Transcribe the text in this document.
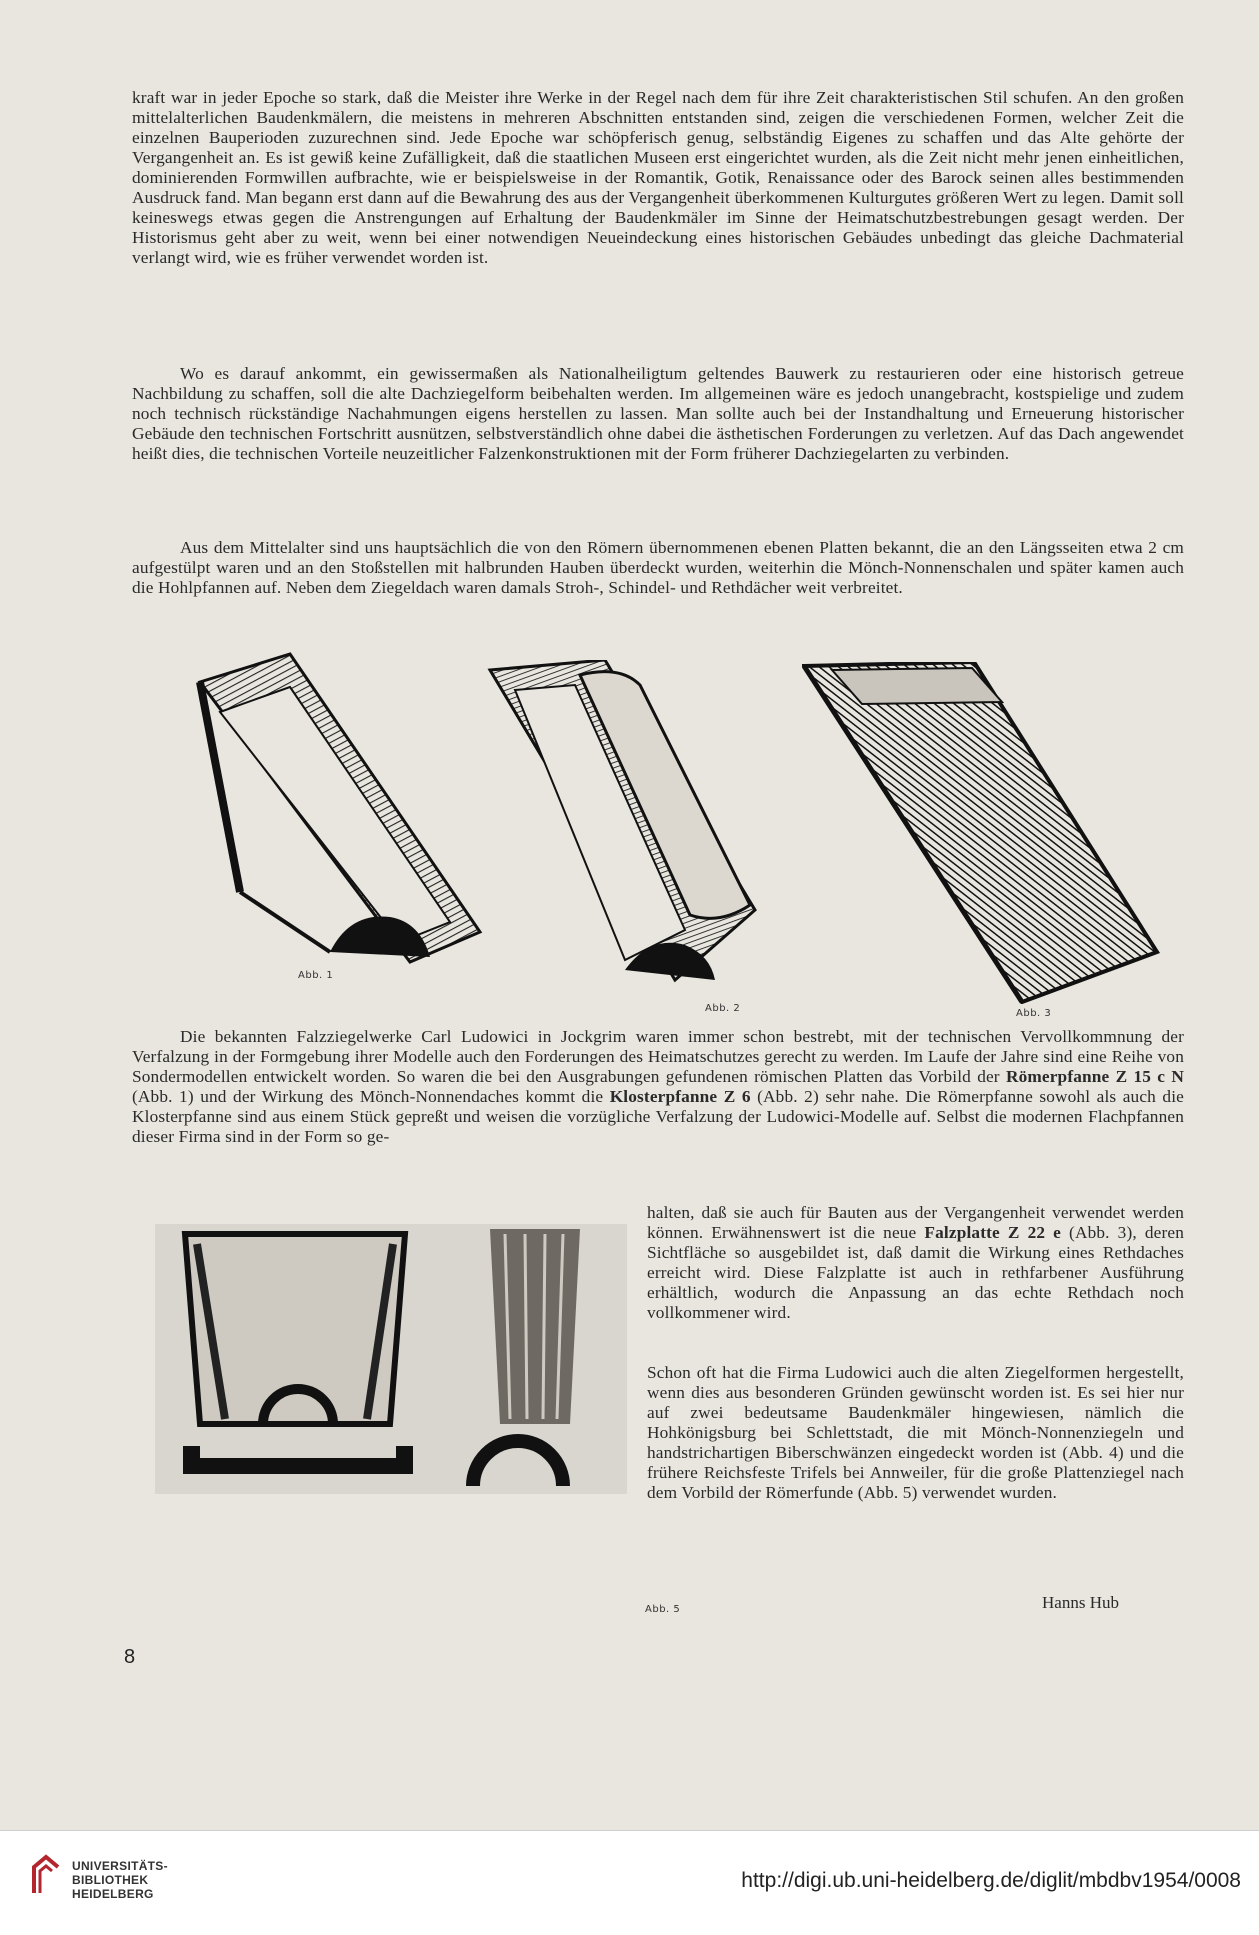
kraft war in jeder Epoche so stark, daß die Meister ihre Werke in der Regel nach dem für ihre Zeit charakteristischen Stil schufen. An den großen mittelalterlichen Baudenkmälern, die meistens in mehreren Abschnitten entstanden sind, zeigen die verschiedenen Formen, welcher Zeit die einzelnen Bauperioden zuzurechnen sind. Jede Epoche war schöpferisch genug, selbständig Eigenes zu schaffen und das Alte gehörte der Vergangenheit an. Es ist gewiß keine Zufälligkeit, daß die staatlichen Museen erst eingerichtet wurden, als die Zeit nicht mehr jenen einheitlichen, dominierenden Formwillen aufbrachte, wie er beispielsweise in der Romantik, Gotik, Renaissance oder des Barock seinen alles bestimmenden Ausdruck fand. Man begann erst dann auf die Bewahrung des aus der Vergangenheit überkommenen Kulturgutes größeren Wert zu legen. Damit soll keineswegs etwas gegen die Anstrengungen auf Erhaltung der Baudenkmäler im Sinne der Heimatschutzbestrebungen gesagt werden. Der Historismus geht aber zu weit, wenn bei einer notwendigen Neueindeckung eines historischen Gebäudes unbedingt das gleiche Dachmaterial verlangt wird, wie es früher verwendet worden ist.

Wo es darauf ankommt, ein gewissermaßen als Nationalheiligtum geltendes Bauwerk zu restaurieren oder eine historisch getreue Nachbildung zu schaffen, soll die alte Dachziegelform beibehalten werden. Im allgemeinen wäre es jedoch unangebracht, kostspielige und zudem noch technisch rückständige Nachahmungen eigens herstellen zu lassen. Man sollte auch bei der Instandhaltung und Erneuerung historischer Gebäude den technischen Fortschritt ausnützen, selbstverständlich ohne dabei die ästhetischen Forderungen zu verletzen. Auf das Dach angewendet heißt dies, die technischen Vorteile neuzeitlicher Falzenkonstruktionen mit der Form früherer Dachziegelarten zu verbinden.

Aus dem Mittelalter sind uns hauptsächlich die von den Römern übernommenen ebenen Platten bekannt, die an den Längsseiten etwa 2 cm aufgestülpt waren und an den Stoßstellen mit halbrunden Hauben überdeckt wurden, weiterhin die Mönch-Nonnenschalen und später kamen auch die Hohlpfannen auf. Neben dem Ziegeldach waren damals Stroh-, Schindel- und Rethdächer weit verbreitet.

Abb. 1
Abb. 2	Abb. 3

Die bekannten Falzziegelwerke Carl Ludowici in Jockgrim waren immer schon bestrebt, mit der technischen Vervollkommnung der Verfalzung in der Formgebung ihrer Modelle auch den Forderungen des Heimatschutzes gerecht zu werden. Im Laufe der Jahre sind eine Reihe von Sondermodellen entwickelt worden. So waren die bei den Ausgrabungen gefundenen römischen Platten das Vorbild der Römerpfanne Z 15 c N (Abb. 1) und der Wirkung des Mönch-Nonnendaches kommt die Klosterpfanne Z 6 (Abb. 2) sehr nahe. Die Römerpfanne sowohl als auch die Klosterpfanne sind aus einem Stück gepreßt und weisen die vorzügliche Verfalzung der Ludowici-Modelle auf. Selbst die modernen Flachpfannen dieser Firma sind in der Form so ge-

Abb. 5

halten, daß sie auch für Bauten aus der Vergangenheit verwendet werden können. Erwähnenswert ist die neue Falzplatte Z 22 e (Abb. 3), deren Sichtfläche so ausgebildet ist, daß damit die Wirkung eines Rethdaches erreicht wird. Diese Falzplatte ist auch in rethfarbener Ausführung erhältlich, wodurch die Anpassung an das echte Rethdach noch vollkommener wird.

Schon oft hat die Firma Ludowici auch die alten Ziegelformen hergestellt, wenn dies aus besonderen Gründen gewünscht worden ist. Es sei hier nur auf zwei bedeutsame Baudenkmäler hingewiesen, nämlich die Hohkönigsburg bei Schlettstadt, die mit Mönch-Nonnenziegeln und handstrichartigen Biberschwänzen eingedeckt worden ist (Abb. 4) und die frühere Reichsfeste Trifels bei Annweiler, für die große Plattenziegel nach dem Vorbild der Römerfunde (Abb. 5) verwendet wurden.

Hanns Hub
8
UNIVERSITÄTS-
BIBLIOTHEK
HEIDELBERG
http://digi.ub.uni-heidelberg.de/diglit/mbdbv1954/0008
